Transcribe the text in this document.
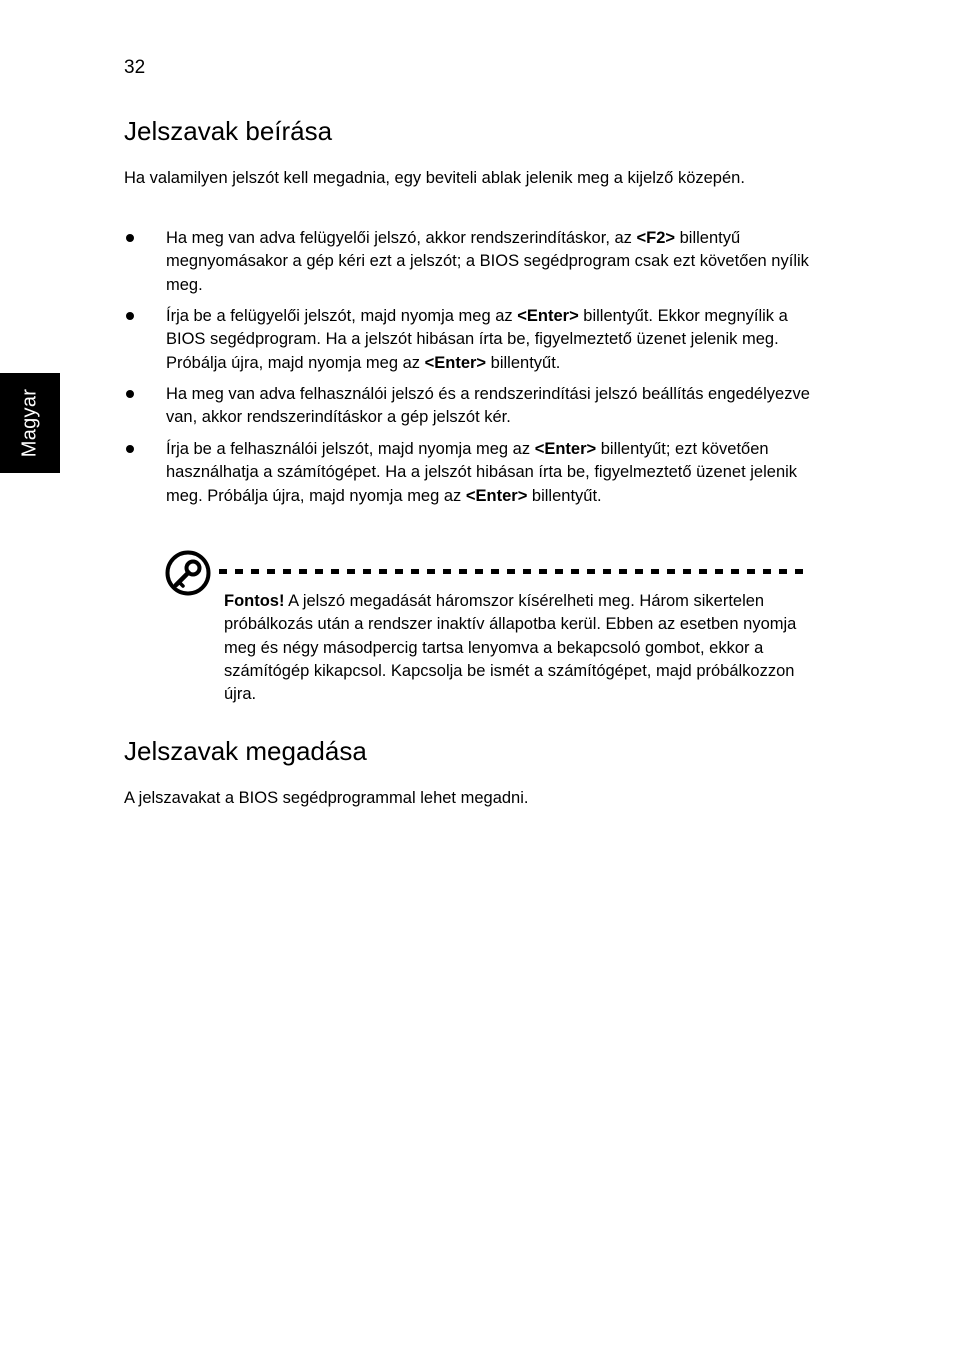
32
Magyar
Jelszavak beírása

Ha valamilyen jelszót kell megadnia, egy beviteli ablak jelenik meg a kijelző közepén.

Ha meg van adva felügyelői jelszó, akkor rendszerindításkor, az <F2> billentyű megnyomásakor a gép kéri ezt a jelszót; a BIOS segédprogram csak ezt követően nyílik meg.
Írja be a felügyelői jelszót, majd nyomja meg az <Enter> billentyűt. Ekkor megnyílik a BIOS segédprogram. Ha a jelszót hibásan írta be, figyelmeztető üzenet jelenik meg. Próbálja újra, majd nyomja meg az <Enter> billentyűt.
Ha meg van adva felhasználói jelszó és a rendszerindítási jelszó beállítás engedélyezve van, akkor rendszerindításkor a gép jelszót kér.
Írja be a felhasználói jelszót, majd nyomja meg az <Enter> billentyűt; ezt követően használhatja a számítógépet. Ha a jelszót hibásan írta be, figyelmeztető üzenet jelenik meg. Próbálja újra, majd nyomja meg az <Enter> billentyűt.
Fontos! A jelszó megadását háromszor kísérelheti meg. Három sikertelen próbálkozás után a rendszer inaktív állapotba kerül. Ebben az esetben nyomja meg és négy másodpercig tartsa lenyomva a bekapcsoló gombot, ekkor a számítógép kikapcsol. Kapcsolja be ismét a számítógépet, majd próbálkozzon újra.
Jelszavak megadása

A jelszavakat a BIOS segédprogrammal lehet megadni.
